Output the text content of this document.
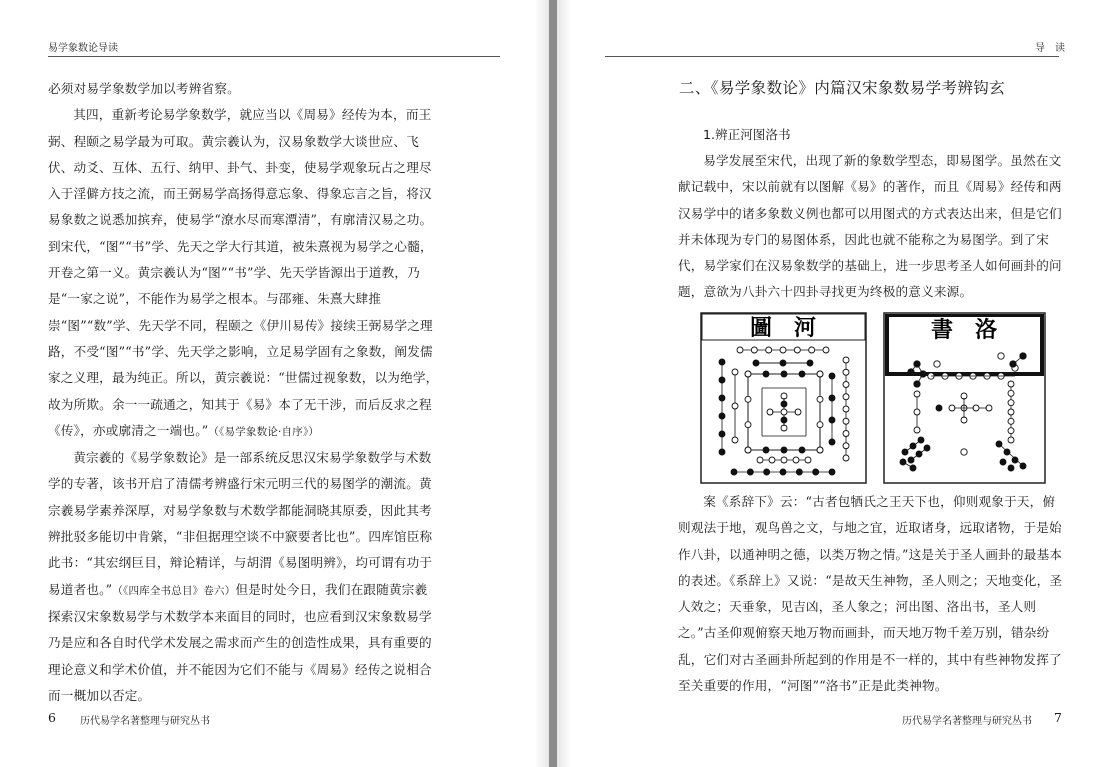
易学象数论导读

必须对易学象数学加以考辨省察。

其四，重新考论易学象数学，就应当以《周易》经传为本，而王弼、程颐之易学最为可取。黄宗羲认为，汉易象数学大谈世应、飞伏、动爻、互体、五行、纳甲、卦气、卦变，使易学观象玩占之理尽入于淫僻方技之流，而王弼易学高扬得意忘象、得象忘言之旨，将汉易象数之说悉加摈弃，使易学“潦水尽而寒潭清”，有廓清汉易之功。到宋代，“图”“书”学、先天之学大行其道，被朱熹视为易学之心髓，开卷之第一义。黄宗羲认为“图”“书”学、先天学皆源出于道教，乃是“一家之说”，不能作为易学之根本。与邵雍、朱熹大肆推崇“图”“数”学、先天学不同，程颐之《伊川易传》接续王弼易学之理路，不受“图”“书”学、先天学之影响，立足易学固有之象数，阐发儒家之义理，最为纯正。所以，黄宗羲说：“世儒过视象数，以为绝学，故为所欺。余一一疏通之，知其于《易》本了无干涉，而后反求之程《传》，亦或廓清之一端也。”（《易学象数论·自序》）

黄宗羲的《易学象数论》是一部系统反思汉宋易学象数学与术数学的专著，该书开启了清儒考辨盛行宋元明三代的易图学的潮流。黄宗羲易学素养深厚，对易学象数与术数学都能洞晓其原委，因此其考辨批驳多能切中肯綮，“非但据理空谈不中窾要者比也”。四库馆臣称此书：“其宏纲巨目，辩论精详，与胡渭《易图明辨》，均可谓有功于易道者也。”（《四库全书总目》卷六）但是时处今日，我们在跟随黄宗羲探索汉宋象数易学与术数学本来面目的同时，也应看到汉宋象数易学乃是应和各自时代学术发展之需求而产生的创造性成果，具有重要的理论意义和学术价值，并不能因为它们不能与《周易》经传之说相合而一概加以否定。

6 历代易学名著整理与研究丛书
导　读
二、《易学象数论》内篇汉宋象数易学考辨钩玄
1.辨正河图洛书

易学发展至宋代，出现了新的象数学型态，即易图学。虽然在文献记载中，宋以前就有以图解《易》的著作，而且《周易》经传和两汉易学中的诸多象数义例也都可以用图式的方式表达出来，但是它们并未体现为专门的易图体系，因此也就不能称之为易图学。到了宋代，易学家们在汉易象数学的基础上，进一步思考圣人如何画卦的问题，意欲为八卦六十四卦寻找更为终极的意义来源。

圖　河	書　洛

案《系辞下》云：“古者包牺氏之王天下也，仰则观象于天，俯则观法于地，观鸟兽之文，与地之宜，近取诸身，远取诸物，于是始作八卦，以通神明之德，以类万物之情。”这是关于圣人画卦的最基本的表述。《系辞上》又说：“是故天生神物，圣人则之；天地变化，圣人效之；天垂象，见吉凶，圣人象之；河出图、洛出书，圣人则之。”古圣仰观俯察天地万物而画卦，而天地万物千差万别，错杂纷乱，它们对古圣画卦所起到的作用是不一样的，其中有些神物发挥了至关重要的作用，“河图”“洛书”正是此类神物。

历代易学名著整理与研究丛书 7
